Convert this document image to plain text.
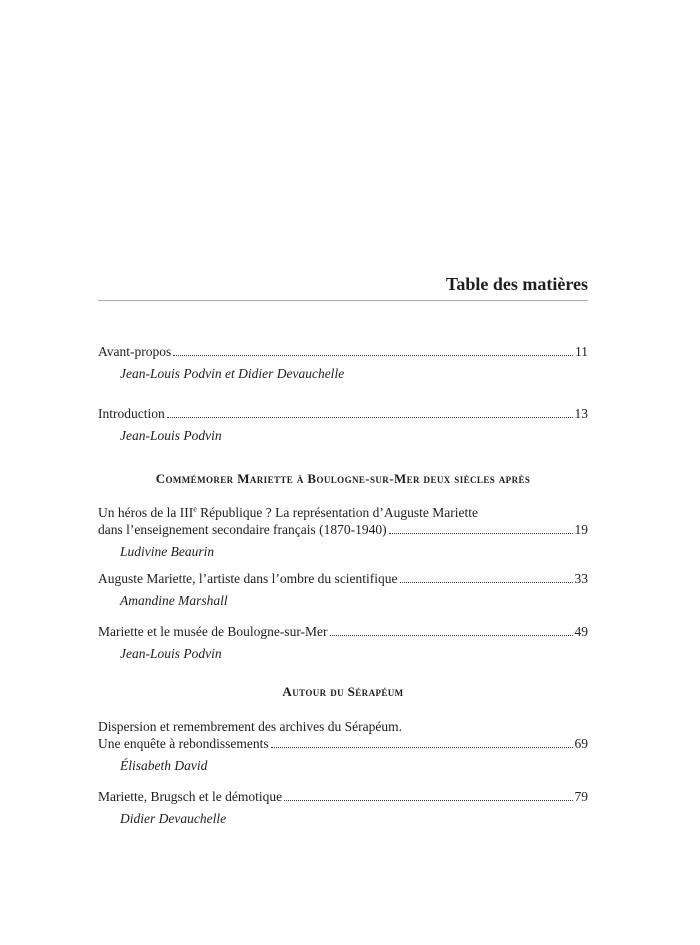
Table des matières
Avant-propos	11
Jean-Louis Podvin et Didier Devauchelle
Introduction	13
Jean-Louis Podvin
Commémorer Mariette à Boulogne-sur-Mer deux siècles après
Un héros de la IIIe République ? La représentation d’Auguste Mariette
dans l’enseignement secondaire français (1870-1940)	19
Ludivine Beaurin
Auguste Mariette, l’artiste dans l’ombre du scientifique	33
Amandine Marshall
Mariette et le musée de Boulogne-sur-Mer	49
Jean-Louis Podvin
Autour du Sérapéum
Dispersion et remembrement des archives du Sérapéum.
Une enquête à rebondissements	69
Élisabeth David
Mariette, Brugsch et le démotique	79
Didier Devauchelle
